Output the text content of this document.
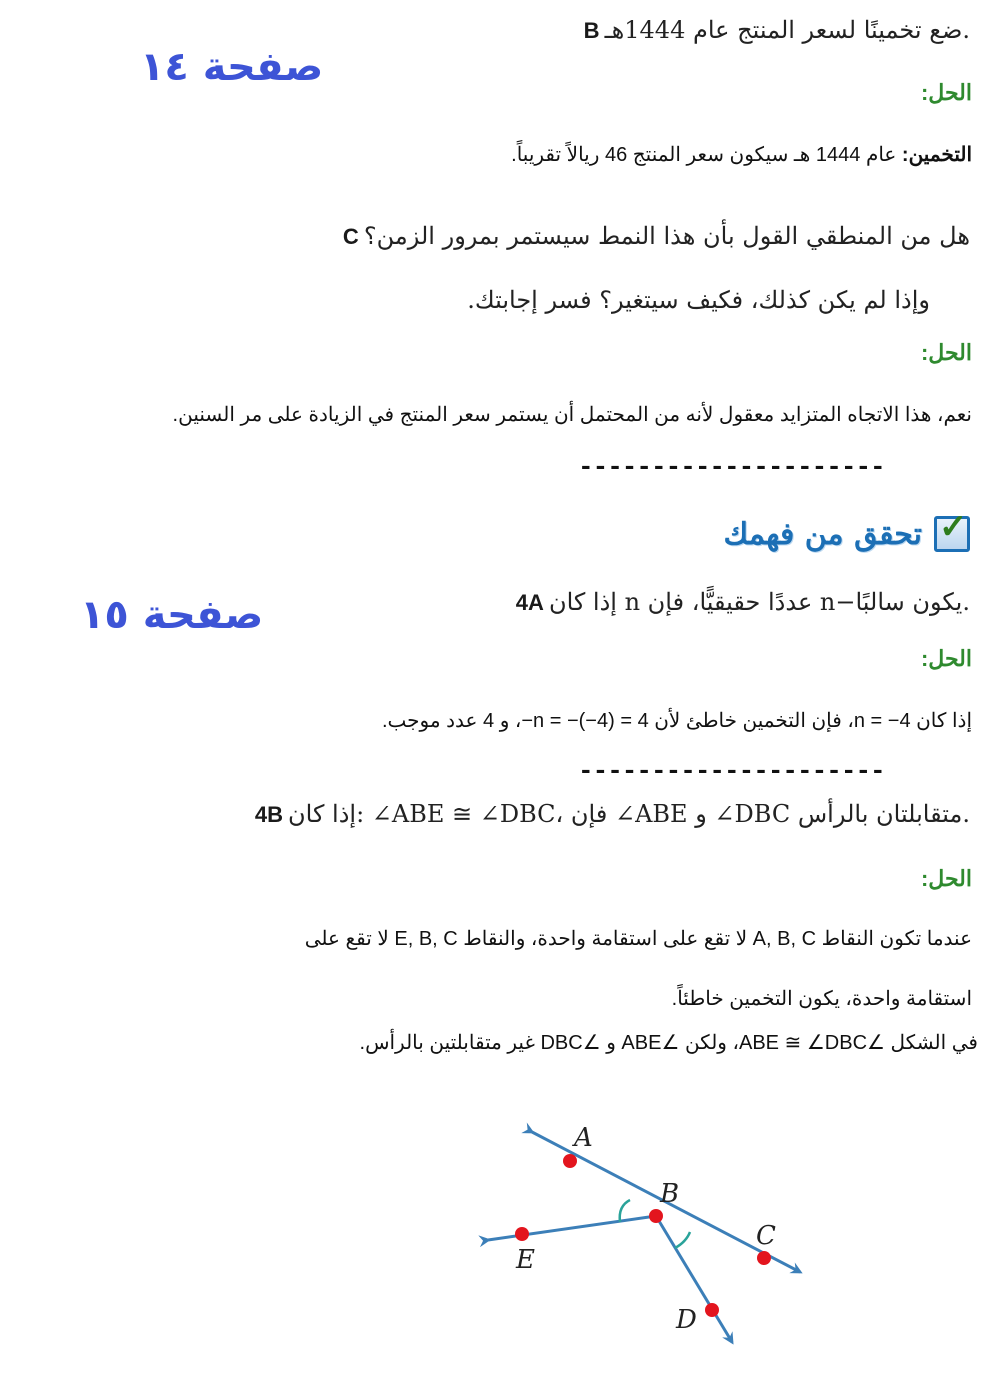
صفحة ١٤
صفحة ١٥
B ضع تخمينًا لسعر المنتج عام 1444هـ.
الحل:
التخمين: عام 1444 هـ سيكون سعر المنتج 46 ريالاً تقريباً.
C هل من المنطقي القول بأن هذا النمط سيستمر بمرور الزمن؟
وإذا لم يكن كذلك، فكيف سيتغير؟ فسر إجابتك.
الحل:
نعم، هذا الاتجاه المتزايد معقول لأنه من المحتمل أن يستمر سعر المنتج في الزيادة على مر السنين.
---------------------
✓
تحقق من فهمك
4A إذا كان n عددًا حقيقيًّا، فإن n−يكون سالبًا.
الحل:
إذا كان 4− = n، فإن التخمين خاطئ لأن 4 = (4−)− = n−، و 4 عدد موجب.
---------------------
4B إذا كان: ∠ABE ≅ ∠DBC، فإن ∠ABE و ∠DBC متقابلتان بالرأس.
الحل:
عندما تكون النقاط A, B, C لا تقع على استقامة واحدة، والنقاط E, B, C لا تقع على
استقامة واحدة، يكون التخمين خاطئاً.
في الشكل ∠ABE ≅ ∠DBC، ولكن ∠ABE و ∠DBC غير متقابلتين بالرأس.
A
B
C
D
E
